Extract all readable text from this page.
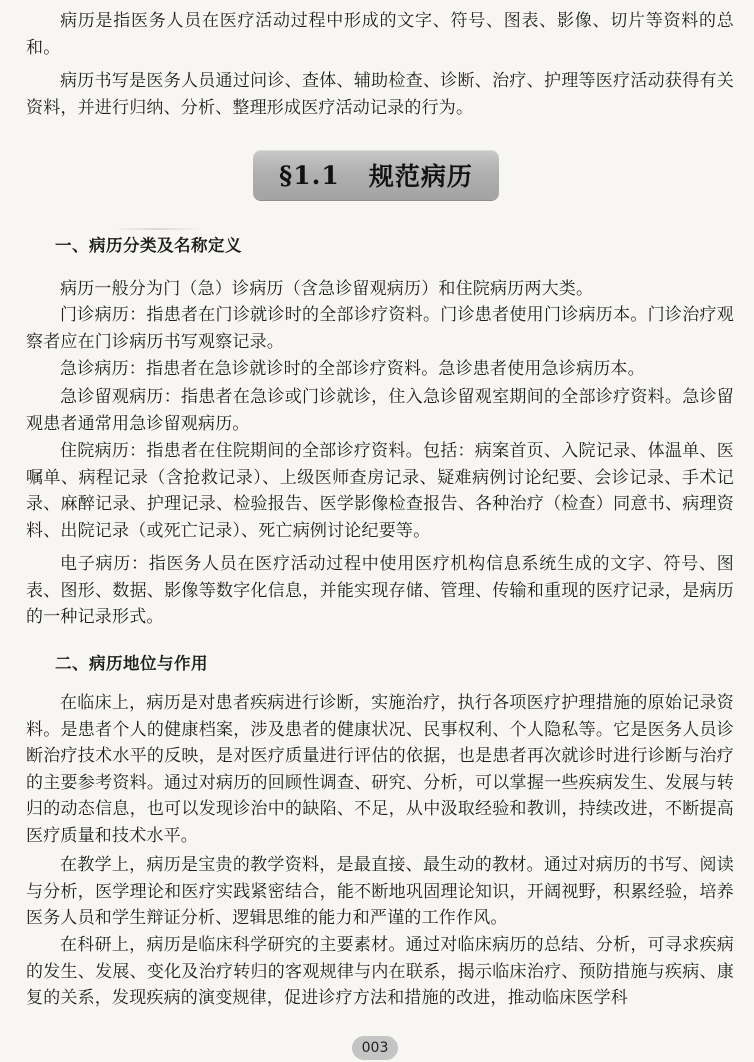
病历是指医务人员在医疗活动过程中形成的文字、符号、图表、影像、切片等资料的总和。

病历书写是医务人员通过问诊、查体、辅助检查、诊断、治疗、护理等医疗活动获得有关资料，并进行归纳、分析、整理形成医疗活动记录的行为。

§1.1
规范病历
一、病历分类及名称定义

病历一般分为门（急）诊病历（含急诊留观病历）和住院病历两大类。

门诊病历：指患者在门诊就诊时的全部诊疗资料。门诊患者使用门诊病历本。门诊治疗观察者应在门诊病历书写观察记录。

急诊病历：指患者在急诊就诊时的全部诊疗资料。急诊患者使用急诊病历本。

急诊留观病历：指患者在急诊或门诊就诊，住入急诊留观室期间的全部诊疗资料。急诊留观患者通常用急诊留观病历。

住院病历：指患者在住院期间的全部诊疗资料。包括：病案首页、入院记录、体温单、医嘱单、病程记录（含抢救记录）、上级医师查房记录、疑难病例讨论纪要、会诊记录、手术记录、麻醉记录、护理记录、检验报告、医学影像检查报告、各种治疗（检查）同意书、病理资料、出院记录（或死亡记录）、死亡病例讨论纪要等。

电子病历：指医务人员在医疗活动过程中使用医疗机构信息系统生成的文字、符号、图表、图形、数据、影像等数字化信息，并能实现存储、管理、传输和重现的医疗记录，是病历的一种记录形式。

二、病历地位与作用

在临床上，病历是对患者疾病进行诊断，实施治疗，执行各项医疗护理措施的原始记录资料。是患者个人的健康档案，涉及患者的健康状况、民事权利、个人隐私等。它是医务人员诊断治疗技术水平的反映，是对医疗质量进行评估的依据，也是患者再次就诊时进行诊断与治疗的主要参考资料。通过对病历的回顾性调查、研究、分析，可以掌握一些疾病发生、发展与转归的动态信息，也可以发现诊治中的缺陷、不足，从中汲取经验和教训，持续改进，不断提高医疗质量和技术水平。

在教学上，病历是宝贵的教学资料，是最直接、最生动的教材。通过对病历的书写、阅读与分析，医学理论和医疗实践紧密结合，能不断地巩固理论知识，开阔视野，积累经验，培养医务人员和学生辩证分析、逻辑思维的能力和严谨的工作作风。

在科研上，病历是临床科学研究的主要素材。通过对临床病历的总结、分析，可寻求疾病的发生、发展、变化及治疗转归的客观规律与内在联系，揭示临床治疗、预防措施与疾病、康复的关系，发现疾病的演变规律，促进诊疗方法和措施的改进，推动临床医学科

003
